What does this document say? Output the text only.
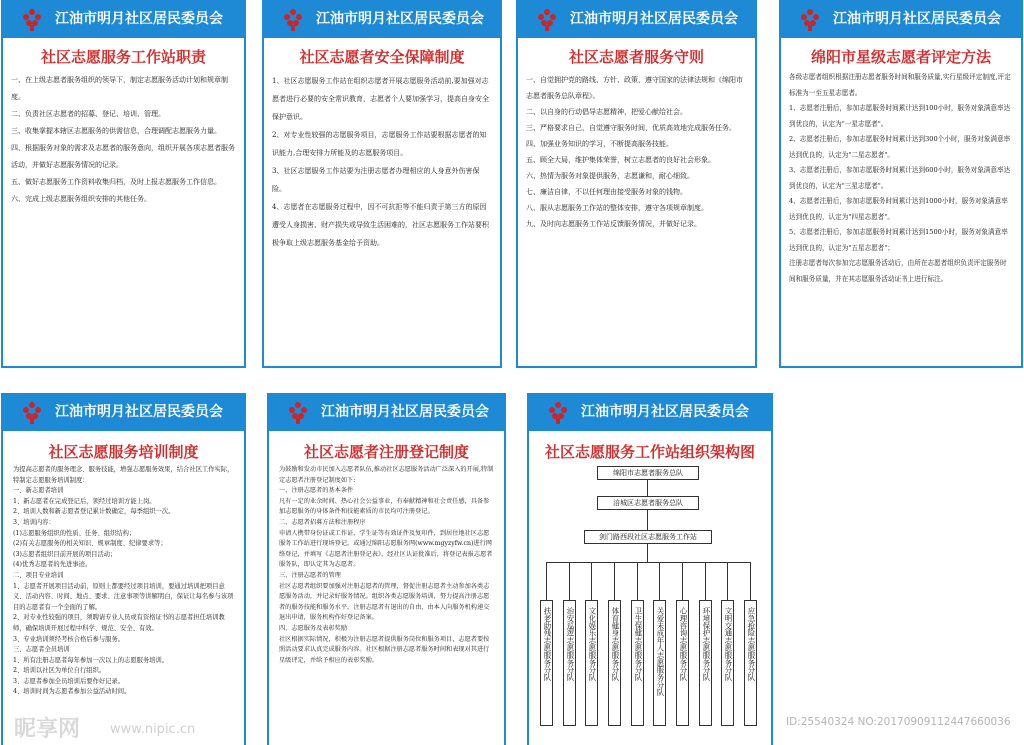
江油市明月社区居民委员会
社区志愿服务工作站职责

一、在上级志愿者服务组织的领导下，制定志愿服务活动计划和规章制度。

二、负责社区志愿者的招募、登记、培训、管理。

三、收集掌握本辖区志愿服务的供需信息，合理调配志愿服务力量。

四、根据服务对象的需求及志愿者的服务意向，组织开展各项志愿者服务活动，并做好志愿服务情况的记录。

五、做好志愿服务工作资料收集归档，及时上报志愿服务工作信息。

六、完成上级志愿服务组织安排的其他任务。

江油市明月社区居民委员会
社区志愿者安全保障制度

1、社区志愿服务工作站在组织志愿者开展志愿服务活动前,要加强对志愿者进行必要的安全常识教育，志愿者个人要加强学习，提高自身安全保护意识。

2、对专业性较强的志愿服务项目，志愿服务工作站要根据志愿者的知识能力,合理安排力所能及的志愿服务项目。

3、社区志愿服务工作站要为注册志愿者办理相应的人身意外伤害保险。

4、志愿者在志愿服务过程中，因不可抗拒等不能归责于第三方的原因遭受人身损害、财产损失或导致生活困难的，社区志愿服务工作站要积极争取上级志愿服务基金给予资助。

江油市明月社区居民委员会
社区志愿者服务守则

一、自觉拥护党的路线、方针、政策，遵守国家的法律法规和《绵阳市志愿者服务总队章程》。

二、以自身的行动倡导志愿精神，把爱心献给社会。

三、严格要求自己，自觉遵守服务时间，优质高效地完成服务任务。

四、加强业务知识的学习，不断提高服务技能。

五、顾全大局，维护集体荣誉，树立志愿者的良好社会形象。

六、热情为服务对象提供服务，志愿谦和，耐心细致。

七、廉洁自律，不以任何理由接受服务对象的钱物。

八、服从志愿服务工作站的整体安排，遵守各项规章制度。

九、及时向志愿服务工作站反馈服务情况，并做好记录。

江油市明月社区居民委员会
绵阳市星级志愿者评定方法

各级志愿者组织根据注册志愿者服务时间和服务质量,实行星级评定制度,评定标准为一至五星志愿者。

1、志愿者注册后，参加志愿服务时间累计达到100小时，服务对象满意率达到优良的，认定为"一星志愿者"。

2、志愿者注册后，参加志愿服务时间累计达到300个小时，服务对象满意率达到优良的，认定为"二星志愿者"。

3、志愿者注册后，参加志愿服务时间累计达到600小时，服务对象满意率达到优良的，认定为"三星志愿者"。

4、志愿者注册后，参加志愿服务时间累计达到1000小时，服务对象满意率达到优良的，认定为"四星志愿者"。

5、志愿者注册后，参加志愿服务时间累计达到1500小时，服务对象满意率达到优良的，认定为"五星志愿者"；

注册志愿者每次参加完志愿服务活动后，由所在志愿者组织负责评定服务时间和服务质量，并在其志愿服务活动证书上进行标注。

江油市明月社区居民委员会
社区志愿服务培训制度

为提高志愿者的服务理念、服务技能，增强志愿服务效果，结合社区工作实际，特制定志愿服务培训制度：

一、新志愿者培训

1、新志愿者在完成登记后，领经过培训方能上岗。

2、培训人数和新志愿者登记累计数确定，每季组织一次。

3、培训内容：

(1)志愿服务组织的性质、任务、组织结构；

(2)有关志愿服务的相关知识、规章制度、纪律要求等；

(3)志愿者组织目前开展的项目活动；

(4)优秀志愿者的先进事迹。

二、项目专业培训

1、志愿者开展项目活动前，原则上都要经过项目培训，要通过培训把项目意义、活动内容、时间、地点、要求、注意事项等讲解明白，保证让每名参与该项目的志愿者有一个全面的了解。

2、对专业性较强的项目，须聘请专业人员或有资格证书的志愿者担任培训教师，确保培训开展过程中科学、规范、安全、有效。

3、专业培训须经考核合格后参与服务。

三、志愿者全员培训

1、所有注册志愿者每年参加一次以上的志愿服务培训。

2、培训以社区为单位自行组织。

3、志愿者参加全员培训后要作好记录。

4、培训时间为志愿者参加公益活动时间。

江油市明月社区居民委员会
社区志愿者注册登记制度

为鼓励和发动市民加入志愿者队伍,推动社区志愿服务活动广泛深入的开展,特制定志愿者注册登记制度如下:

一、注册志愿者的基本条件

凡有一定的业余时间、热心社会公益事业，有奉献精神和社会责任感，具备参加志愿服务的身体条件和技能素质的市民均可注册登记。

二、志愿者招募方法和注册程序

申请人携带身份证或工作证、学生证等有效证件及复印件，到居住地社区志愿服务工作站进行现场登记，或通过绵阳志愿服务网(www.mgyzyfw.cn)进行网络登记，并填写《志愿者注册登记表》，经社区认证批准后，将登记表报志愿者服务队，即认定其为志愿者。

三、注册志愿者的管理

社区志愿者组织要加强对注册志愿者的管理，督促注册志愿者主动参加各类志愿服务活动，并记录好服务情况。组织各类志愿服务培训，努力提高注册志愿者的服务技能和服务水平。注册志愿者有退出的自由，由本人向服务机构递交退出申请，服务机构作好登记备案。

四、志愿服务及表彰奖励

社区根据实际情况，积极为注册志愿者提供服务岗位和服务项目，志愿者要按照活动要求认真完成服务内容。社区根据注册志愿者服务时间和表现对其进行星级评定，并给予相应的表彰奖励。

江油市明月社区居民委员会
社区志愿服务工作站组织架构图
绵阳市志愿者服务总队
涪城区志愿者服务总队
剑门路西段社区志愿服务工作站
扶老助残志愿服务分队	治安巡逻志愿服务分队	文化娱乐志愿服务分队	体育健身志愿服务分队	卫生保健志愿服务分队	关爱未成年人志愿服务分队	心理咨询志愿服务分队	环境保护志愿服务分队	文明交通志愿服务分队	应急抢险志愿服务分队
昵享网 www.nipic.cn	ID:25540324 NO:20170909112447660036
